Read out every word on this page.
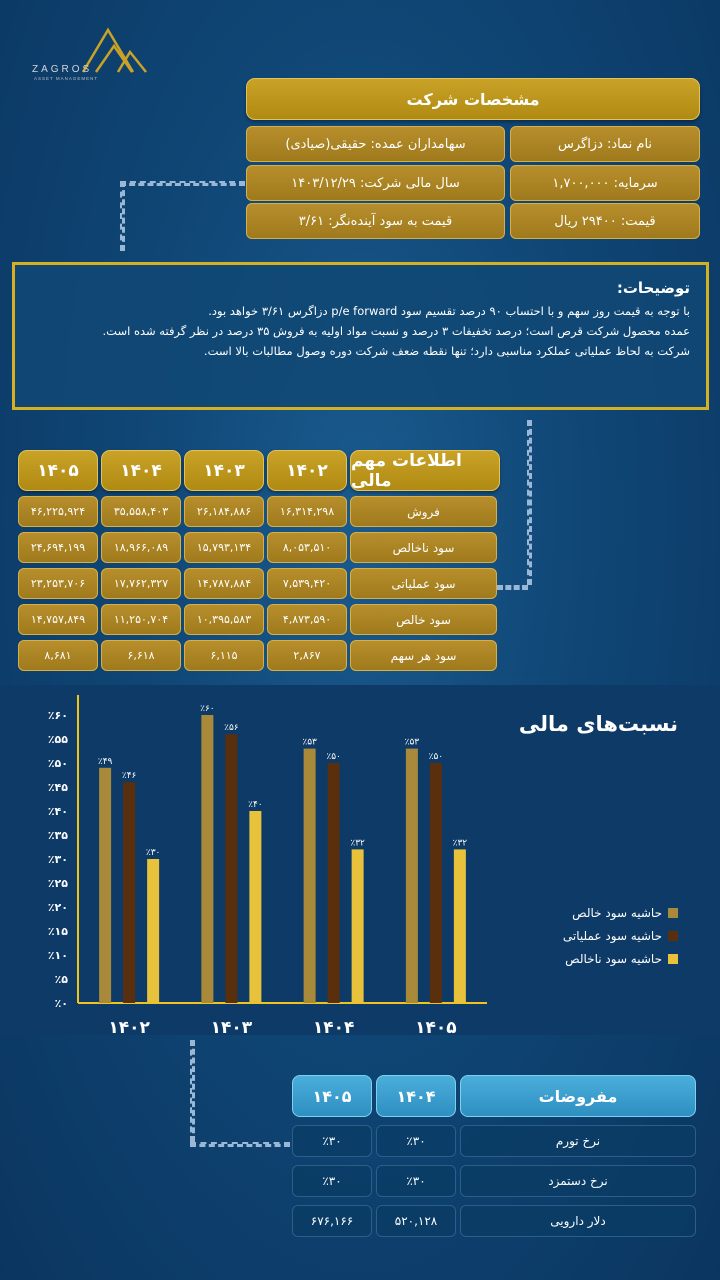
ZAGROS
ASSET MANAGEMENT
مشخصات شرکت
نام نماد: دزاگرس
سهامداران عمده: حقیقی(صیادی)
سرمایه: ۱,۷۰۰,۰۰۰
سال مالی شرکت: ۱۴۰۳/۱۲/۲۹
قیمت: ۲۹۴۰۰ ریال
قیمت به سود آینده‌نگر: ۳/۶۱
توضیحات:

با توجه به قیمت روز سهم و با احتساب ۹۰ درصد تقسیم سود p/e forward دزاگرس ۳/۶۱ خواهد بود.

عمده محصول شرکت قرص است؛ درصد تخفیفات ۳ درصد و نسبت مواد اولیه به فروش ۳۵ درصد در نظر گرفته شده است.

شرکت به لحاظ عملیاتی عملکرد مناسبی دارد؛ تنها نقطه ضعف شرکت دوره وصول مطالبات بالا است.

اطلاعات مهم مالی
۱۴۰۲
۱۴۰۳
۱۴۰۴
۱۴۰۵
فروش
۱۶,۳۱۴,۲۹۸
۲۶,۱۸۴,۸۸۶
۳۵,۵۵۸,۴۰۳
۴۶,۲۲۵,۹۲۴
سود ناخالص
۸,۰۵۳,۵۱۰
۱۵,۷۹۳,۱۳۴
۱۸,۹۶۶,۰۸۹
۲۴,۶۹۴,۱۹۹
سود عملیاتی
۷,۵۳۹,۴۲۰
۱۴,۷۸۷,۸۸۴
۱۷,۷۶۲,۳۲۷
۲۳,۲۵۳,۷۰۶
سود خالص
۴,۸۷۳,۵۹۰
۱۰,۳۹۵,۵۸۳
۱۱,۲۵۰,۷۰۴
۱۴,۷۵۷,۸۴۹
سود هر سهم
۲,۸۶۷
۶,۱۱۵
۶,۶۱۸
۸,۶۸۱
نسبت‌های مالی
٪۰
٪۵
٪۱۰
٪۱۵
٪۲۰
٪۲۵
٪۳۰
٪۳۵
٪۴۰
٪۴۵
٪۵۰
٪۵۵
٪۶۰
۱۴۰۲
٪۴۹
٪۴۶
٪۳۰
۱۴۰۳
٪۶۰
٪۵۶
٪۴۰
۱۴۰۴
٪۵۳
٪۵۰
٪۳۲
۱۴۰۵
٪۵۳
٪۵۰
٪۳۲
حاشیه سود خالص
حاشیه سود عملیاتی
حاشیه سود ناخالص
مفروضات
۱۴۰۴
۱۴۰۵
نرخ تورم
٪۳۰
٪۳۰
نرخ دستمزد
٪۳۰
٪۳۰
دلار دارویی
۵۲۰,۱۲۸
۶۷۶,۱۶۶
